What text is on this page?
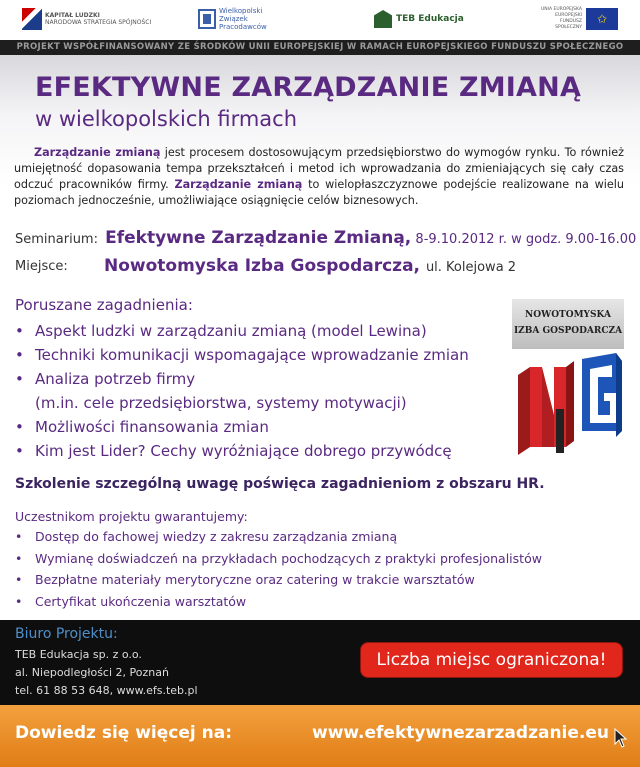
KAPITAŁ LUDZKI
NARODOWA STRATEGIA SPÓJNOŚCI
Wielkopolski
Związek
Pracodawców
TEB Edukacja
UNIA EUROPEJSKA
EUROPEJSKI FUNDUSZ SPOŁECZNY
✩
PROJEKT WSPÓŁFINANSOWANY ZE ŚRODKÓW UNII EUROPEJSKIEJ W RAMACH EUROPEJSKIEGO FUNDUSZU SPOŁECZNEGO
EFEKTYWNE ZARZĄDZANIE ZMIANĄ
w wielkopolskich firmach
Zarządzanie zmianą jest procesem dostosowującym przedsiębiorstwo do wymogów rynku. To również umiejętność dopasowania tempa przekształceń i metod ich wprowadzania do zmieniających się cały czas odczuć pracowników firmy. Zarządzanie zmianą to wielopłaszczyznowe podejście realizowane na wielu poziomach jednocześnie, umożliwiające osiągnięcie celów biznesowych.
Seminarium: Efektywne Zarządzanie Zmianą, 8-9.10.2012 r. w godz. 9.00-16.00
Miejsce: Nowotomyska Izba Gospodarcza, ul. Kolejowa 2
Poruszane zagadnienia:
• Aspekt ludzki w zarządzaniu zmianą (model Lewina)
• Techniki komunikacji wspomagające wprowadzanie zmian
• Analiza potrzeb firmy
(m.in. cele przedsiębiorstwa, systemy motywacji)
• Możliwości finansowania zmian
• Kim jest Lider? Cechy wyróżniające dobrego przywódcę
NOWOTOMYSKA
IZBA GOSPODARCZA
Szkolenie szczególną uwagę poświęca zagadnieniom z obszaru HR.
Uczestnikom projektu gwarantujemy:
• Dostęp do fachowej wiedzy z zakresu zarządzania zmianą
• Wymianę doświadczeń na przykładach pochodzących z praktyki profesjonalistów
• Bezpłatne materiały merytoryczne oraz catering w trakcie warsztatów
• Certyfikat ukończenia warsztatów
Biuro Projektu:
TEB Edukacja sp. z o.o.
al. Niepodległości 2, Poznań
tel. 61 88 53 648, www.efs.teb.pl
Liczba miejsc ograniczona!
Dowiedz się więcej na:	www.efektywnezarzadzanie.eu
